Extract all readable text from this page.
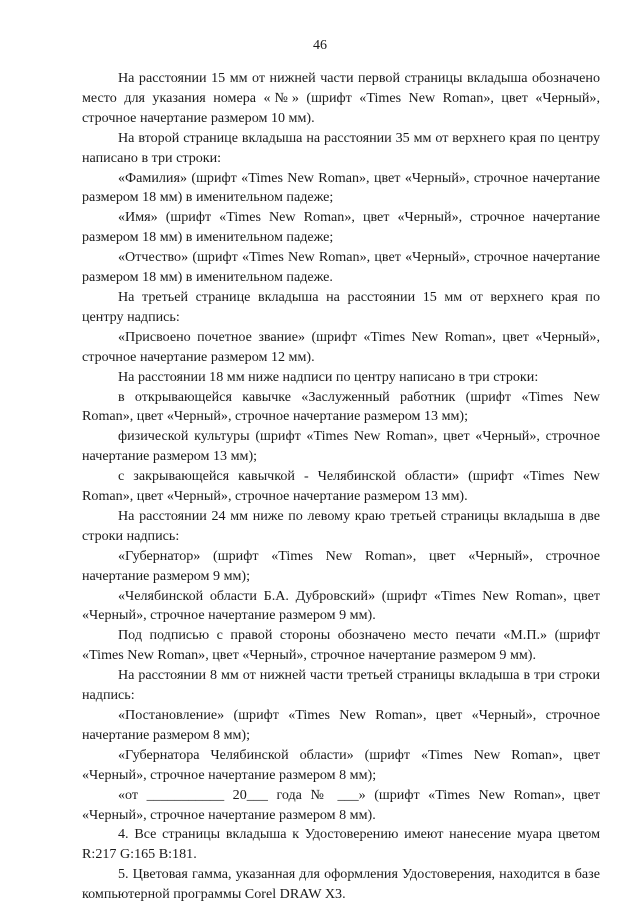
46

На расстоянии 15 мм от нижней части первой страницы вкладыша обозначено место для указания номера «№» (шрифт «Times New Roman», цвет «Черный», строчное начертание размером 10 мм).

На второй странице вкладыша на расстоянии 35 мм от верхнего края по центру написано в три строки:

«Фамилия» (шрифт «Times New Roman», цвет «Черный», строчное начертание размером 18 мм) в именительном падеже;

«Имя» (шрифт «Times New Roman», цвет «Черный», строчное начертание размером 18 мм) в именительном падеже;

«Отчество» (шрифт «Times New Roman», цвет «Черный», строчное начертание размером 18 мм) в именительном падеже.

На третьей странице вкладыша на расстоянии 15 мм от верхнего края по центру надпись:

«Присвоено почетное звание» (шрифт «Times New Roman», цвет «Черный», строчное начертание размером 12 мм).

На расстоянии 18 мм ниже надписи по центру написано в три строки:

в открывающейся кавычке «Заслуженный работник (шрифт «Times New Roman», цвет «Черный», строчное начертание размером 13 мм);

физической культуры (шрифт «Times New Roman», цвет «Черный», строчное начертание размером 13 мм);

с закрывающейся кавычкой - Челябинской области» (шрифт «Times New Roman», цвет «Черный», строчное начертание размером 13 мм).

На расстоянии 24 мм ниже по левому краю третьей страницы вкладыша в две строки надпись:

«Губернатор» (шрифт «Times New Roman», цвет «Черный», строчное начертание размером 9 мм);

«Челябинской области Б.А. Дубровский» (шрифт «Times New Roman», цвет «Черный», строчное начертание размером 9 мм).

Под подписью с правой стороны обозначено место печати «М.П.» (шрифт «Times New Roman», цвет «Черный», строчное начертание размером 9 мм).

На расстоянии 8 мм от нижней части третьей страницы вкладыша в три строки надпись:

«Постановление» (шрифт «Times New Roman», цвет «Черный», строчное начертание размером 8 мм);

«Губернатора Челябинской области» (шрифт «Times New Roman», цвет «Черный», строчное начертание размером 8 мм);

«от ___________ 20___ года № ___» (шрифт «Times New Roman», цвет «Черный», строчное начертание размером 8 мм).

4. Все страницы вкладыша к Удостоверению имеют нанесение муара цветом R:217 G:165 B:181.

5. Цветовая гамма, указанная для оформления Удостоверения, находится в базе компьютерной программы Corel DRAW X3.
